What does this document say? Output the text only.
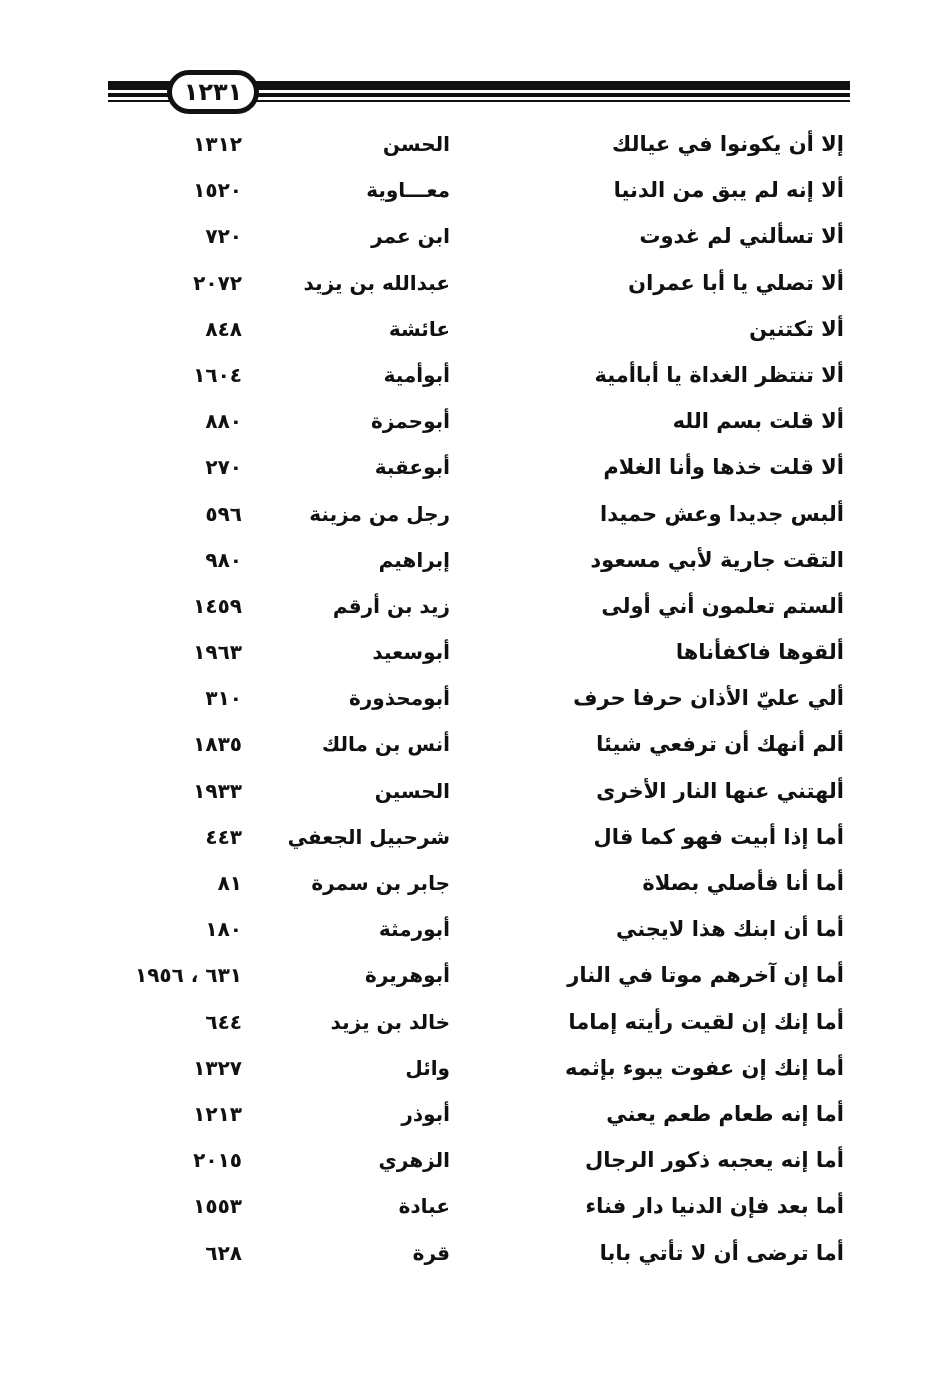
١٢٣١
إلا أن يكونوا في عيالك
الحسن
١٣١٢
ألا إنه لم يبق من الدنيا
معـــاوية
١٥٢٠
ألا تسألني لم غدوت
ابن عمر
٧٢٠
ألا تصلي يا أبا عمران
عبدالله بن يزيد
٢٠٧٢
ألا تكتنين
عائشة
٨٤٨
ألا تنتظر الغداة يا أباأمية
أبوأمية
١٦٠٤
ألا قلت بسم الله
أبوحمزة
٨٨٠
ألا قلت خذها وأنا الغلام
أبوعقبة
٢٧٠
ألبس جديدا وعش حميدا
رجل من مزينة
٥٩٦
التقت جارية لأبي مسعود
إبراهيم
٩٨٠
ألستم تعلمون أني أولى
زيد بن أرقم
١٤٥٩
ألقوها فاكفأناها
أبوسعيد
١٩٦٣
ألي عليّ الأذان حرفا حرف
أبومحذورة
٣١٠
ألم أنهك أن ترفعي شيئا
أنس بن مالك
١٨٣٥
ألهتني عنها النار الأخرى
الحسين
١٩٣٣
أما إذا أبيت فهو كما قال
شرحبيل الجعفي
٤٤٣
أما أنا فأصلي بصلاة
جابر بن سمرة
٨١
أما أن ابنك هذا لايجني
أبورمثة
١٨٠
أما إن آخرهم موتا في النار
أبوهريرة
٦٣١ ، ١٩٥٦
أما إنك إن لقيت رأيته إماما
خالد بن يزيد
٦٤٤
أما إنك إن عفوت يبوء بإثمه
وائل
١٣٢٧
أما إنه طعام طعم يعني
أبوذر
١٢١٣
أما إنه يعجبه ذكور الرجال
الزهري
٢٠١٥
أما بعد فإن الدنيا دار فناء
عبادة
١٥٥٣
أما ترضى أن لا تأتي بابا
قرة
٦٢٨
